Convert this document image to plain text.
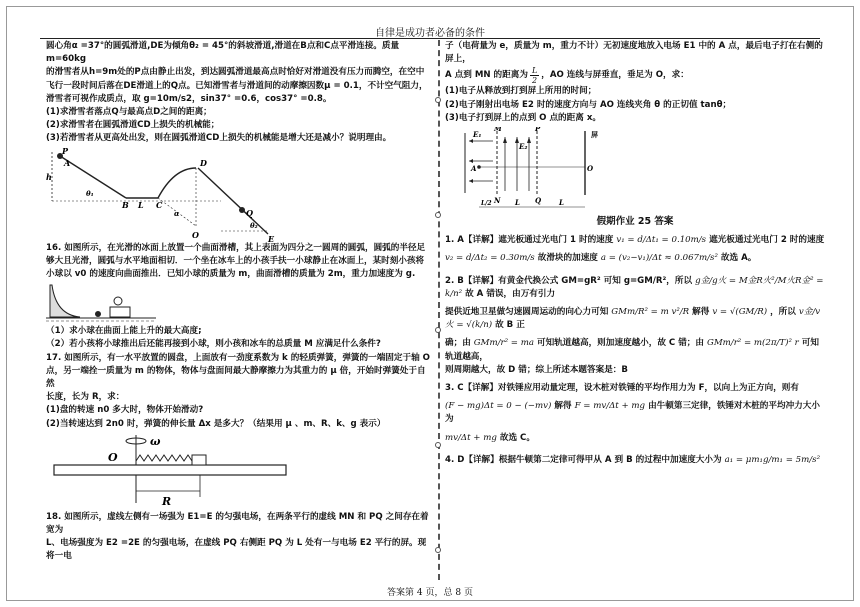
自律是成功者必备的条件

圆心角α =37°的圆弧滑道,DE为倾角θ₂ = 45°的斜坡滑道,滑道在B点和C点平滑连接。质量m=60kg

的滑雪者从h=9m处的P点由静止出发，到达圆弧滑道最高点时恰好对滑道没有压力而腾空，在空中

飞行一段时间后落在DE滑道上的Q点。已知滑雪者与滑道间的动摩擦因数μ = 0.1，不计空气阻力，

滑雪者可视作成质点，取 g=10m/s2，sin37° =0.6，cos37° =0.8。

(1)求滑雪者落点Q与最高点D之间的距离；

(2)求滑雪者在圆弧滑道CD上损失的机械能；

(3)若滑雪者从更高处出发，则在圆弧滑道CD上损失的机械能是增大还是减小？说明理由。

h
P
A
B L C
D
O
Q
E
θ₂
θ₁
α

16. 如图所示，在光滑的冰面上放置一个曲面滑槽，其上表面为四分之一圆周的圆弧，圆弧的半径足

够大且光滑，圆弧与水平地面相切．一个坐在冰车上的小孩手扶一小球静止在冰面上，某时刻小孩将

小球以 v0 的速度向曲面推出．已知小球的质量为 m，曲面滑槽的质量为 2m，重力加速度为 g.

（1）求小球在曲面上能上升的最大高度;

（2）若小孩将小球推出后还能再接到小球，则小孩和冰车的总质量 M 应满足什么条件?

17. 如图所示，有一水平放置的圆盘，上面放有一劲度系数为 k 的轻质弹簧，弹簧的一端固定于轴 O

点，另一端拴一质量为 m 的物体，物体与盘面间最大静摩擦力为其重力的 μ 倍，开始时弹簧处于自然

长度，长为 R，求：

(1)盘的转速 n0 多大时，物体开始滑动?

(2)当转速达到 2n0 时，弹簧的伸长量 Δx 是多大？（结果用 μ 、m、R、k、g 表示）

ω
O
R

18. 如图所示，虚线左侧有一场强为 E1=E 的匀强电场，在两条平行的虚线 MN 和 PQ 之间存在着宽为

L、电场强度为 E2 =2E 的匀强电场，在虚线 PQ 右侧距 PQ 为 L 处有一与电场 E2 平行的屏。现将一电

子（电荷量为 e，质量为 m，重力不计）无初速度地放入电场 E1 中的 A 点，最后电子打在右侧的屏上，

A 点到 MN 的距离为 $\frac{L}{2}$ ，AO 连线与屏垂直，垂足为 O，求：

(1)电子从释放到打到屏上所用的时间；

(2)电子刚射出电场 E2 时的速度方向与 AO 连线夹角 θ 的正切值 tanθ；

(3)电子打到屏上的点到 O 点的距离 x。

E₁
A
M
N
E₂
P
Q
屏
O
L/2	L	L
假期作业 25 答案

1. A【详解】遮光板通过光电门 1 时的速度 v₁ = d/Δt₁ = 0.10m/s 遮光板通过光电门 2 时的速度

v₂ = d/Δt₂ = 0.30m/s 故滑块的加速度 a = (v₂−v₁)/Δt ≈ 0.067m/s² 故选 A。

2. B【详解】有黄金代换公式 GM=gR² 可知 g=GM/R²，所以 g金/g火 = M金R火²/M火R金² = k/n² 故 A 错误，由万有引力

提供近地卫星做匀速圆周运动的向心力可知 GMm/R² = m v²/R 解得 v = √(GM/R) ，所以 v金/v火 = √(k/n) 故 B 正

确；由 GMm/r² = ma 可知轨道越高，则加速度越小，故 C 错；由 GMm/r² = m(2π/T)² r 可知轨道越高，

则周期越大，故 D 错；综上所述本题答案是：B

3. C【详解】对铁锤应用动量定理，设木桩对铁锤的平均作用力为 F，以向上为正方向，则有

(F − mg)Δt = 0 − (−mv) 解得 F = mv/Δt + mg 由牛顿第三定律，铁锤对木桩的平均冲力大小为

mv/Δt + mg 故选 C。

4. D【详解】根据牛顿第二定律可得甲从 A 到 B 的过程中加速度大小为 a₁ = μm₁g/m₁ = 5m/s²

答案第 4 页，总 8 页
